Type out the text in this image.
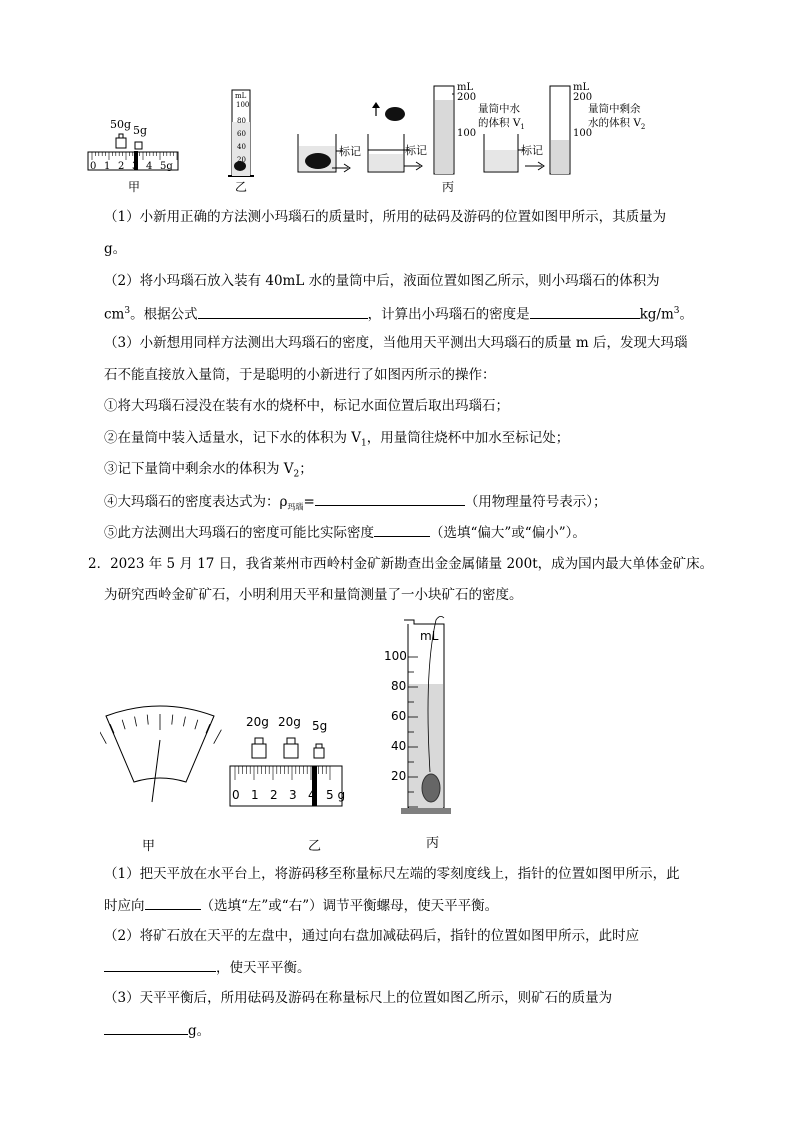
50g 5g
0 1 2 3 4 5g
甲
mL
100
80
60
40
20
乙
标记	标记
mL
200
100
量筒中水
的体积 $V_1$
标记
mL
200
100
量筒中剩余
水的体积 $V_2$
丙
（1）小新用正确的方法测小玛瑙石的质量时，所用的砝码及游码的位置如图甲所示，其质量为
g。
（2）将小玛瑙石放入装有 40mL 水的量筒中后，液面位置如图乙所示，则小玛瑙石的体积为
$cm^3$。根据公式	，计算出小玛瑙石的密度是	$kg/m^3$。
（3）小新想用同样方法测出大玛瑙石的密度，当他用天平测出大玛瑙石的质量 m 后，发现大玛瑙
石不能直接放入量筒，于是聪明的小新进行了如图丙所示的操作：
①将大玛瑙石浸没在装有水的烧杯中，标记水面位置后取出玛瑙石；
②在量筒中装入适量水，记下水的体积为 $V_1$，用量筒往烧杯中加水至标记处；
③记下量筒中剩余水的体积为 $V_2$；
④大玛瑙石的密度表达式为：$\rho_{玛瑙}=$	（用物理量符号表示）；
⑤此方法测出大玛瑙石的密度可能比实际密度	（选填“偏大”或“偏小”）。
2．2023 年 5 月 17 日，我省莱州市西岭村金矿新勘查出金金属储量 200t，成为国内最大单体金矿床。
为研究西岭金矿矿石，小明利用天平和量筒测量了一小块矿石的密度。
甲
20g 20g 5g
0 1 2 3 4 5 g
乙
mL
100
80
60
40
20
丙
（1）把天平放在水平台上，将游码移至称量标尺左端的零刻度线上，指针的位置如图甲所示，此
时应向	（选填“左”或“右”）调节平衡螺母，使天平平衡。
（2）将矿石放在天平的左盘中，通过向右盘加减砝码后，指针的位置如图甲所示，此时应
，使天平平衡。
（3）天平平衡后，所用砝码及游码在称量标尺上的位置如图乙所示，则矿石的质量为
g。
